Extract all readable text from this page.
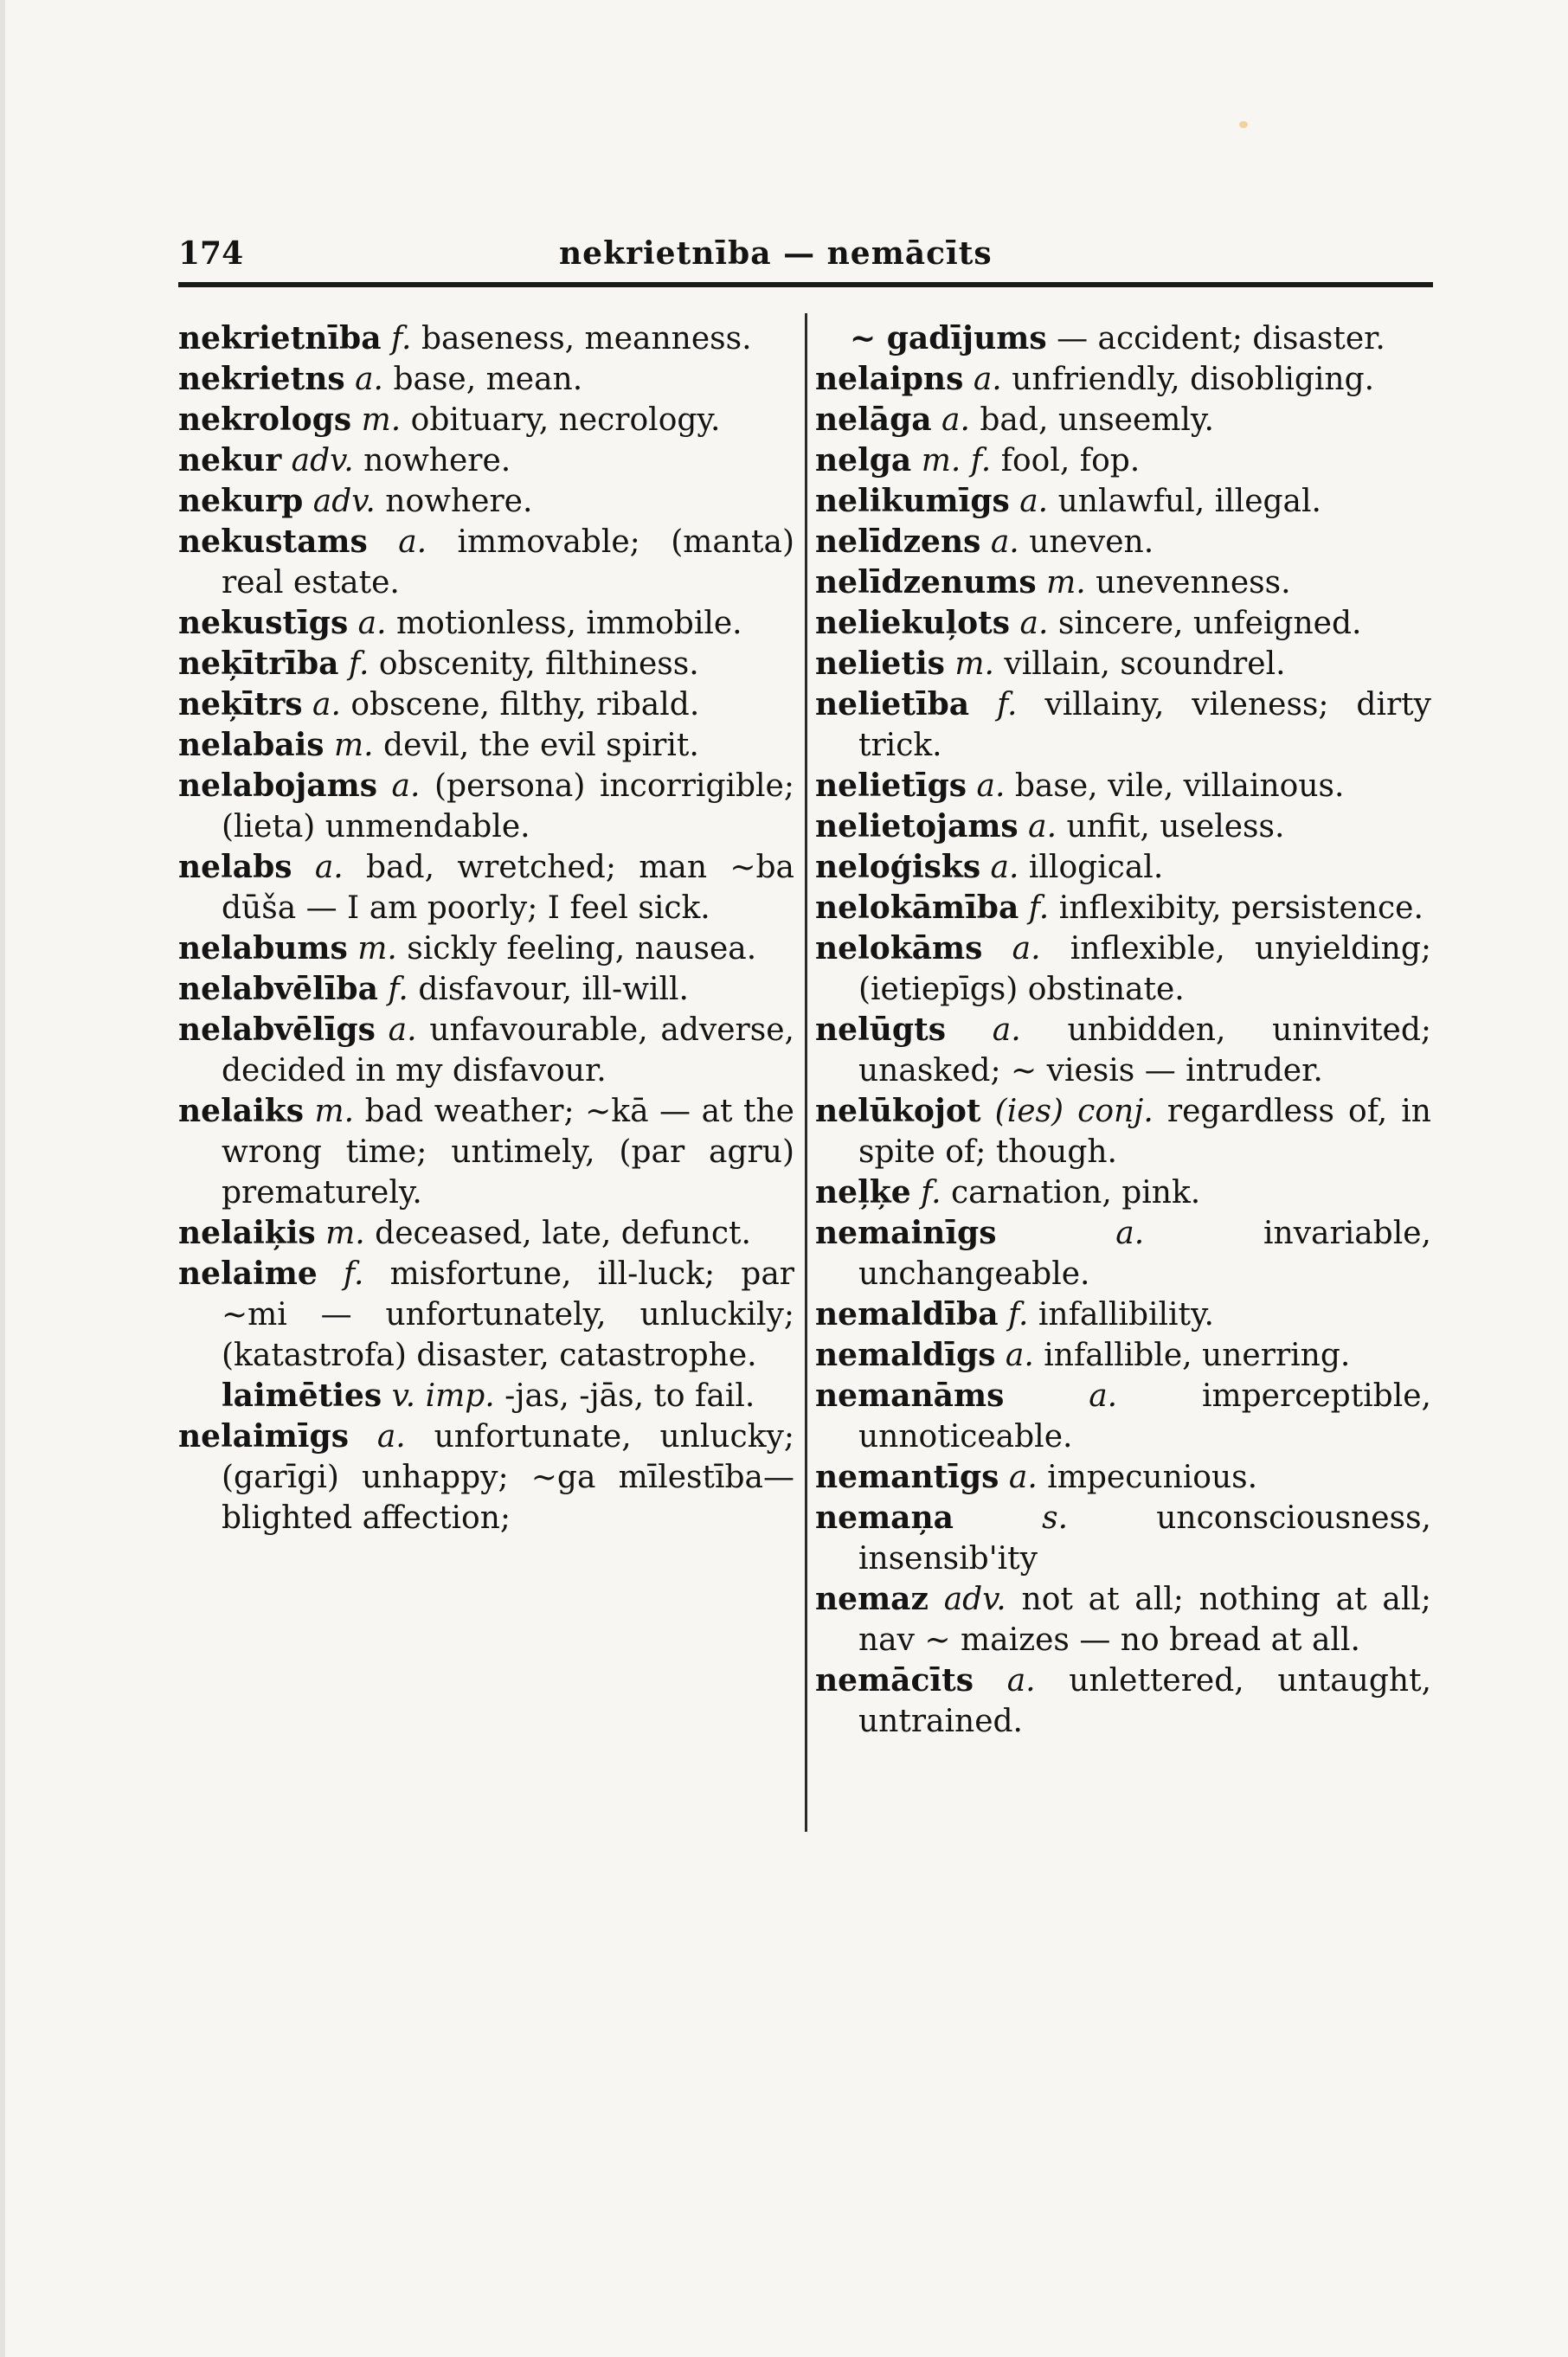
174	nekrietnība — nemācīts
nekrietnība f. baseness, meanness.
nekrietns a. base, mean.
nekrologs m. obituary, necrology.
nekur adv. nowhere.
nekurp adv. nowhere.
nekustams a. immovable; (manta) real estate.
nekustīgs a. motionless, immobile.
neķītrība f. obscenity, filthiness.
neķītrs a. obscene, filthy, ribald.
nelabais m. devil, the evil spirit.
nelabojams a. (persona) incorrigible; (lieta) unmendable.
nelabs a. bad, wretched; man ~ba dūša — I am poorly; I feel sick.
nelabums m. sickly feeling, nausea.
nelabvēlība f. disfavour, ill-will.
nelabvēlīgs a. unfavourable, adverse, decided in my disfavour.
nelaiks m. bad weather; ~kā — at the wrong time; untimely, (par agru) prematurely.
nelaiķis m. deceased, late, defunct.
nelaime f. misfortune, ill-luck; par ~mi — unfortunately, unluckily; (katastrofa) disaster, catastrophe.
laimēties v. imp. -jas, -jās, to fail.
nelaimīgs a. unfortunate, unlucky; (garīgi) unhappy; ~ga mīlestība—blighted affection;
~ gadījums — accident; disaster.
nelaipns a. unfriendly, disobliging.
nelāga a. bad, unseemly.
nelga m. f. fool, fop.
nelikumīgs a. unlawful, illegal.
nelīdzens a. uneven.
nelīdzenums m. unevenness.
neliekuļots a. sincere, unfeigned.
nelietis m. villain, scoundrel.
nelietība f. villainy, vileness; dirty trick.
nelietīgs a. base, vile, villainous.
nelietojams a. unfit, useless.
neloģisks a. illogical.
nelokāmība f. inflexibity, persistence.
nelokāms a. inflexible, unyielding; (ietiepīgs) obstinate.
nelūgts a. unbidden, uninvited; unasked; ~ viesis — intruder.
nelūkojot (ies) conj. regardless of, in spite of; though.
neļķe f. carnation, pink.
nemainīgs	a.	invariable, unchangeable.
nemaldība f. infallibility.
nemaldīgs a. infallible, unerring.
nemanāms	a.	imperceptible, unnoticeable.
nemantīgs a. impecunious.
nemaņa	s.	unconsciousness, insensib'ity
nemaz adv. not at all; nothing at all; nav ~ maizes — no bread at all.
nemācīts a. unlettered, untaught, untrained.
